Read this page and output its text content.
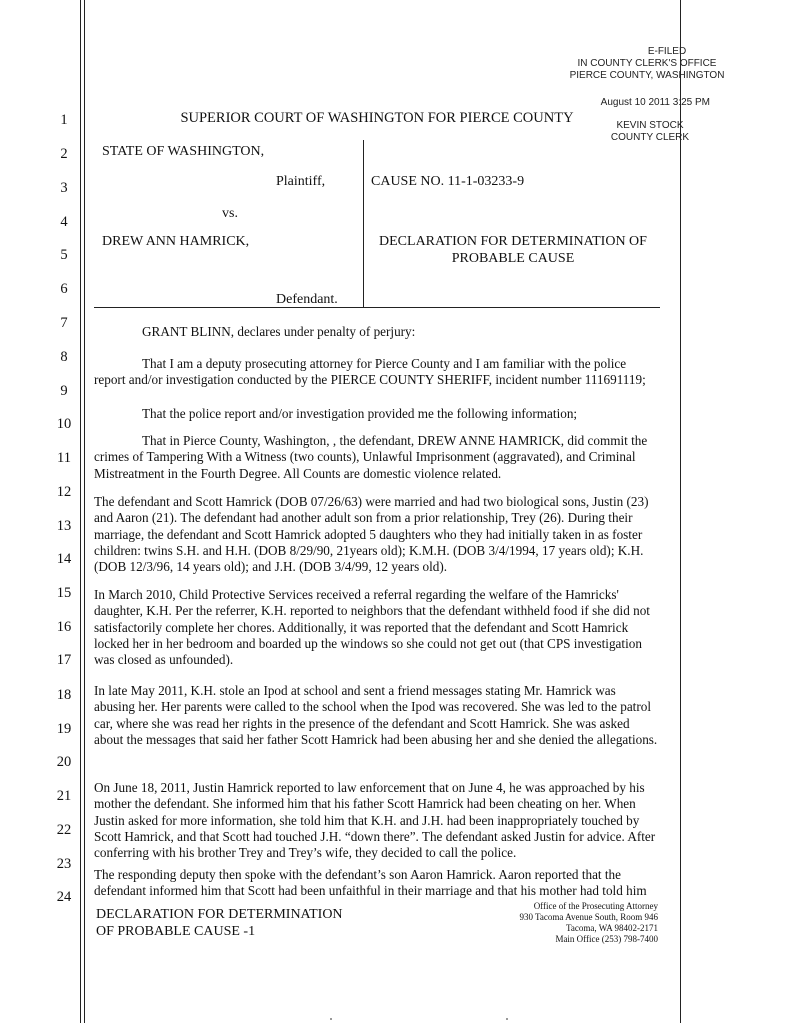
E-FILED
IN COUNTY CLERK'S OFFICE
PIERCE COUNTY, WASHINGTON
August 10 2011 3:25 PM
KEVIN STOCK
COUNTY CLERK
1
2
3
4
5
6
7
8
9
10
11
12
13
14
15
16
17
18
19
20
21
22
23
24
SUPERIOR COURT OF WASHINGTON FOR PIERCE COUNTY
STATE OF WASHINGTON,
Plaintiff,
vs.
DREW ANN HAMRICK,
Defendant.
CAUSE NO. 11-1-03233-9
DECLARATION FOR DETERMINATION OF
PROBABLE CAUSE
GRANT BLINN, declares under penalty of perjury:
That I am a deputy prosecuting attorney for Pierce County and I am familiar with the police report and/or investigation conducted by the PIERCE COUNTY SHERIFF, incident number 111691119;
That the police report and/or investigation provided me the following information;
That in Pierce County, Washington, , the defendant, DREW ANNE HAMRICK, did commit the crimes of Tampering With a Witness (two counts), Unlawful Imprisonment (aggravated), and Criminal Mistreatment in the Fourth Degree. All Counts are domestic violence related.
The defendant and Scott Hamrick (DOB 07/26/63) were married and had two biological sons, Justin (23) and Aaron (21). The defendant had another adult son from a prior relationship, Trey (26). During their marriage, the defendant and Scott Hamrick adopted 5 daughters who they had initially taken in as foster children: twins S.H. and H.H. (DOB 8/29/90, 21years old); K.M.H. (DOB 3/4/1994, 17 years old); K.H. (DOB 12/3/96, 14 years old); and J.H. (DOB 3/4/99, 12 years old).
In March 2010, Child Protective Services received a referral regarding the welfare of the Hamricks' daughter, K.H. Per the referrer, K.H. reported to neighbors that the defendant withheld food if she did not satisfactorily complete her chores. Additionally, it was reported that the defendant and Scott Hamrick locked her in her bedroom and boarded up the windows so she could not get out (that CPS investigation was closed as unfounded).
In late May 2011, K.H. stole an Ipod at school and sent a friend messages stating Mr. Hamrick was abusing her. Her parents were called to the school when the Ipod was recovered. She was led to the patrol car, where she was read her rights in the presence of the defendant and Scott Hamrick. She was asked about the messages that said her father Scott Hamrick had been abusing her and she denied the allegations.
On June 18, 2011, Justin Hamrick reported to law enforcement that on June 4, he was approached by his mother the defendant. She informed him that his father Scott Hamrick had been cheating on her. When Justin asked for more information, she told him that K.H. and J.H. had been inappropriately touched by Scott Hamrick, and that Scott had touched J.H. “down there”. The defendant asked Justin for advice. After conferring with his brother Trey and Trey’s wife, they decided to call the police.
The responding deputy then spoke with the defendant’s son Aaron Hamrick. Aaron reported that the defendant informed him that Scott had been unfaithful in their marriage and that his mother had told him
DECLARATION FOR DETERMINATION
OF PROBABLE CAUSE -1
Office of the Prosecuting Attorney
930 Tacoma Avenue South, Room 946
Tacoma, WA 98402-2171
Main Office (253) 798-7400
